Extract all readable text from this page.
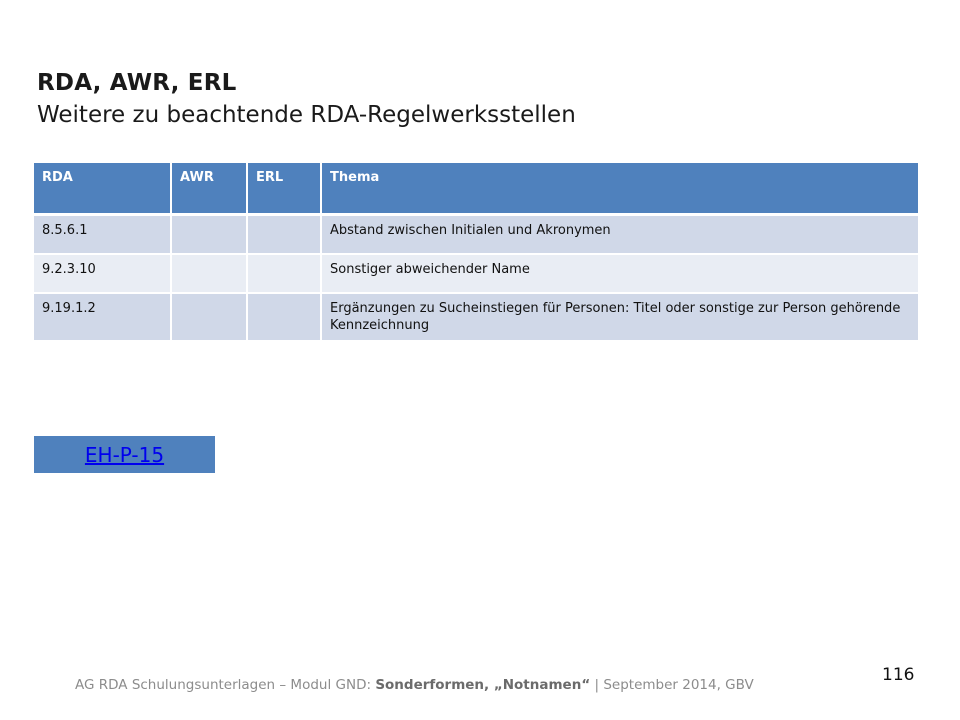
RDA, AWR, ERL
Weitere zu beachtende RDA-Regelwerksstellen
RDA	AWR	ERL	Thema
8.5.6.1			Abstand zwischen Initialen und Akronymen
9.2.3.10			Sonstiger abweichender Name
9.19.1.2			Ergänzungen zu Sucheinstiegen für Personen: Titel oder sonstige zur Person gehörende Kennzeichnung
EH-P-15
AG RDA Schulungsunterlagen – Modul GND: Sonderformen, „Notnamen“ | September 2014, GBV	116
